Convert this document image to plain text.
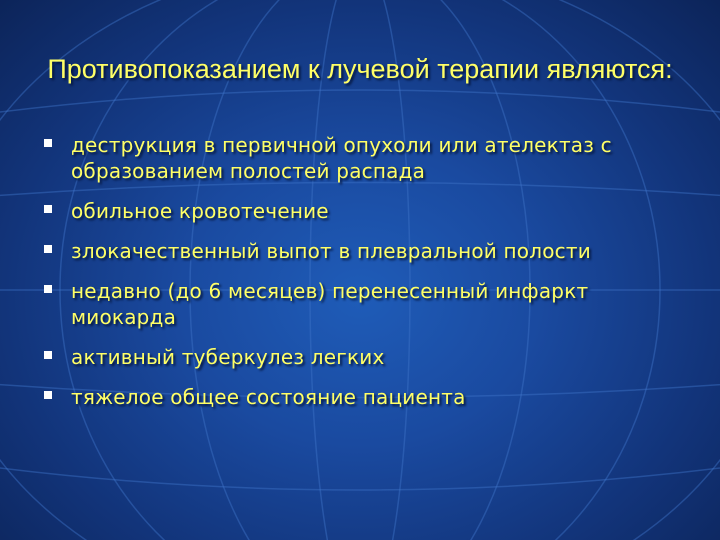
Противопоказанием к лучевой терапии являются:
деструкция в первичной опухоли или ателектаз с образованием полостей распада
обильное кровотечение
злокачественный выпот в плевральной полости
недавно (до 6 месяцев) перенесенный инфаркт миокарда
активный туберкулез легких
тяжелое общее состояние пациента
